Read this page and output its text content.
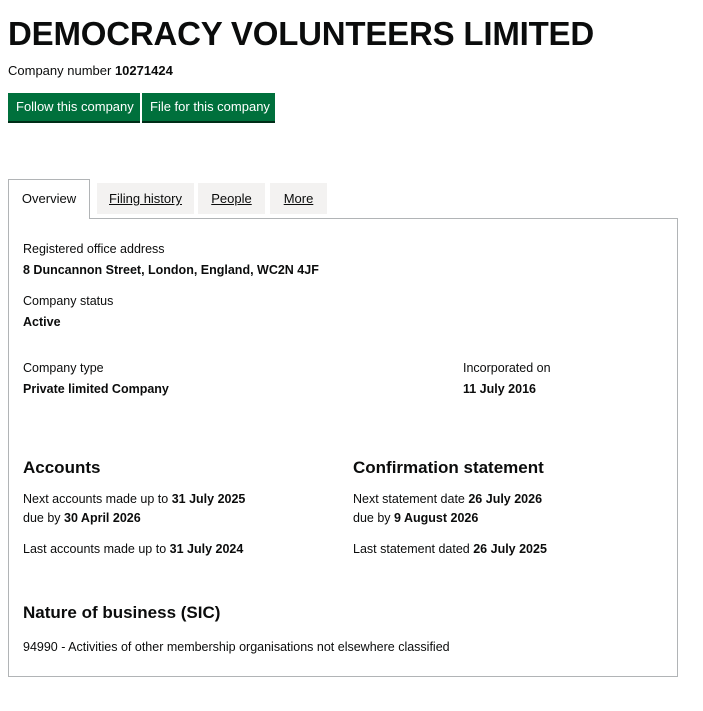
DEMOCRACY VOLUNTEERS LIMITED
Company number 10271424
Follow this company	File for this company
Overview	Filing history	People	More
Registered office address
8 Duncannon Street, London, England, WC2N 4JF
Company status
Active
Company type
Private limited Company
Incorporated on
11 July 2016
Accounts
Next accounts made up to 31 July 2025
due by 30 April 2026
Last accounts made up to 31 July 2024
Confirmation statement
Next statement date 26 July 2026
due by 9 August 2026
Last statement dated 26 July 2025
Nature of business (SIC)
94990 - Activities of other membership organisations not elsewhere classified
